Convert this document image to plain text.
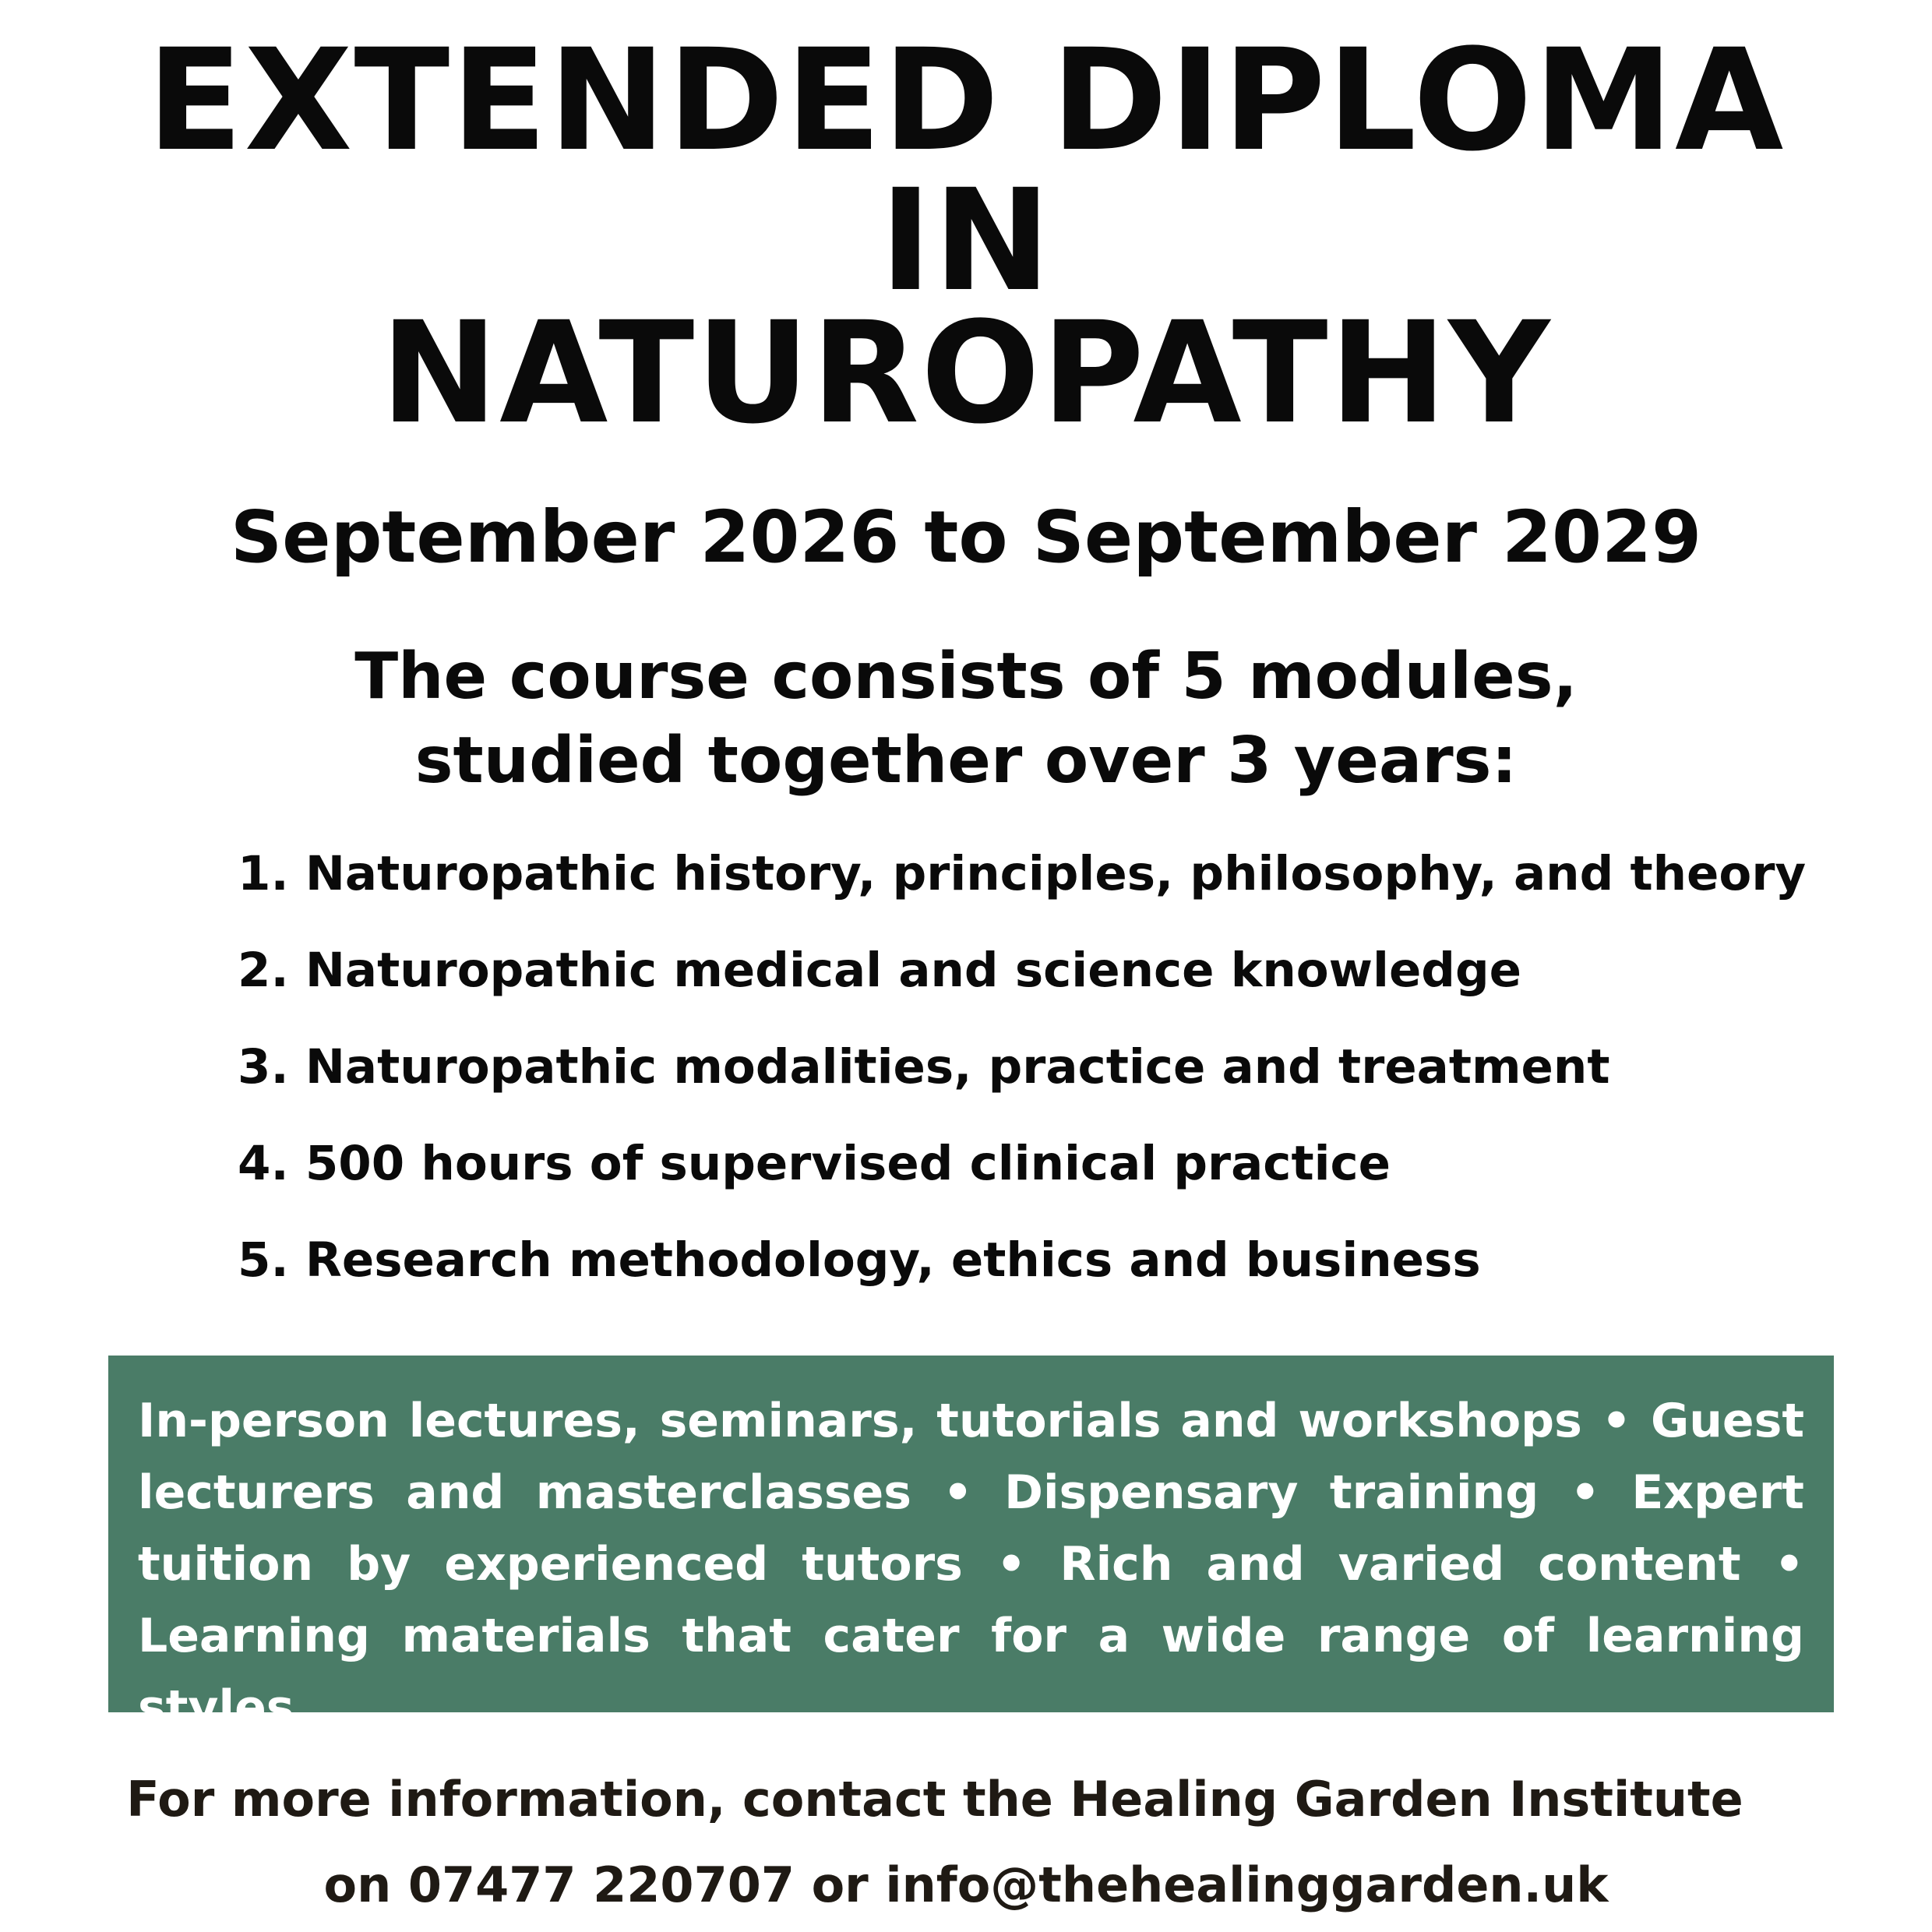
EXTENDED DIPLOMA
IN
NATUROPATHY
September 2026 to September 2029
The course consists of 5 modules,
studied together over 3 years:
1. Naturopathic history, principles, philosophy, and theory
2. Naturopathic medical and science knowledge
3. Naturopathic modalities, practice and treatment
4. 500 hours of supervised clinical practice
5. Research methodology, ethics and business

In-person lectures, seminars, tutorials and workshops • Guest lecturers and masterclasses • Dispensary training • Expert tuition by experienced tutors • Rich and varied content • Learning materials that cater for a wide range of learning styles

For more information, contact the Healing Garden Institute
on 07477 220707 or info@thehealinggarden.uk
